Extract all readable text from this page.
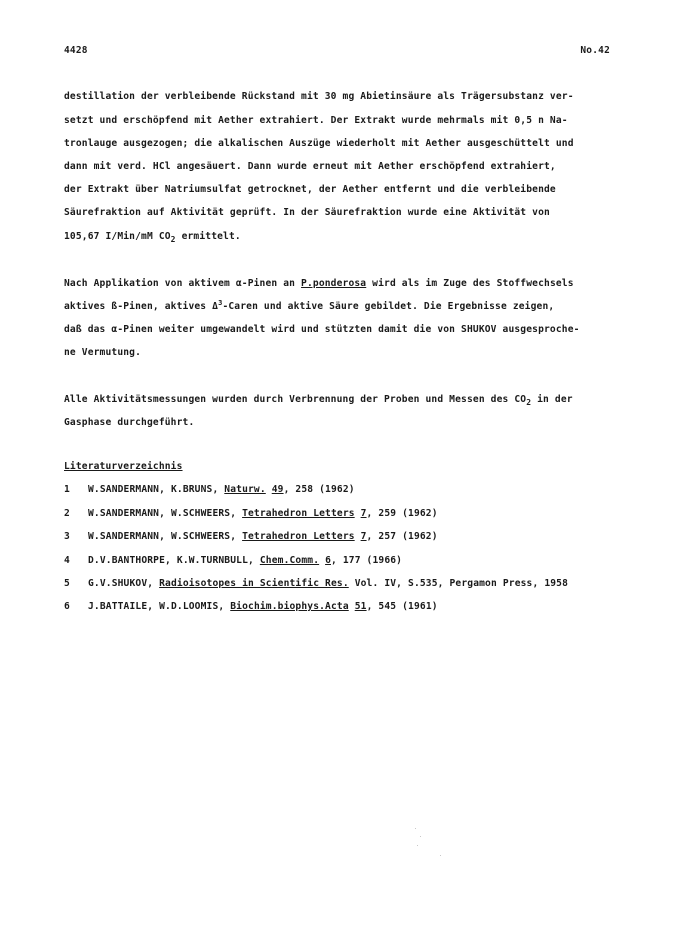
4428	No.42
destillation der verbleibende Rückstand mit 30 mg Abietinsäure als Trägersubstanz ver-
setzt und erschöpfend mit Aether extrahiert. Der Extrakt wurde mehrmals mit 0,5 n Na-
tronlauge ausgezogen; die alkalischen Auszüge wiederholt mit Aether ausgeschüttelt und
dann mit verd. HCl angesäuert. Dann wurde erneut mit Aether erschöpfend extrahiert,
der Extrakt über Natriumsulfat getrocknet, der Aether entfernt und die verbleibende
Säurefraktion auf Aktivität geprüft. In der Säurefraktion wurde eine Aktivität von
105,67 I/Min/mM $CO_2$ ermittelt.
Nach Applikation von aktivem α-Pinen an P.ponderosa wird als im Zuge des Stoffwechsels
aktives ß-Pinen, aktives $\Delta^3$-Caren und aktive Säure gebildet. Die Ergebnisse zeigen,
daß das α-Pinen weiter umgewandelt wird und stützten damit die von SHUKOV ausgesproche-
ne Vermutung.
Alle Aktivitätsmessungen wurden durch Verbrennung der Proben und Messen des $CO_2$ in der
Gasphase durchgeführt.
Literaturverzeichnis
1 W.SANDERMANN, K.BRUNS, Naturw. 49, 258 (1962)
2 W.SANDERMANN, W.SCHWEERS, Tetrahedron Letters 7, 259 (1962)
3 W.SANDERMANN, W.SCHWEERS, Tetrahedron Letters 7, 257 (1962)
4 D.V.BANTHORPE, K.W.TURNBULL, Chem.Comm. 6, 177 (1966)
5 G.V.SHUKOV, Radioisotopes in Scientific Res. Vol. IV, S.535, Pergamon Press, 1958
6 J.BATTAILE, W.D.LOOMIS, Biochim.biophys.Acta 51, 545 (1961)
